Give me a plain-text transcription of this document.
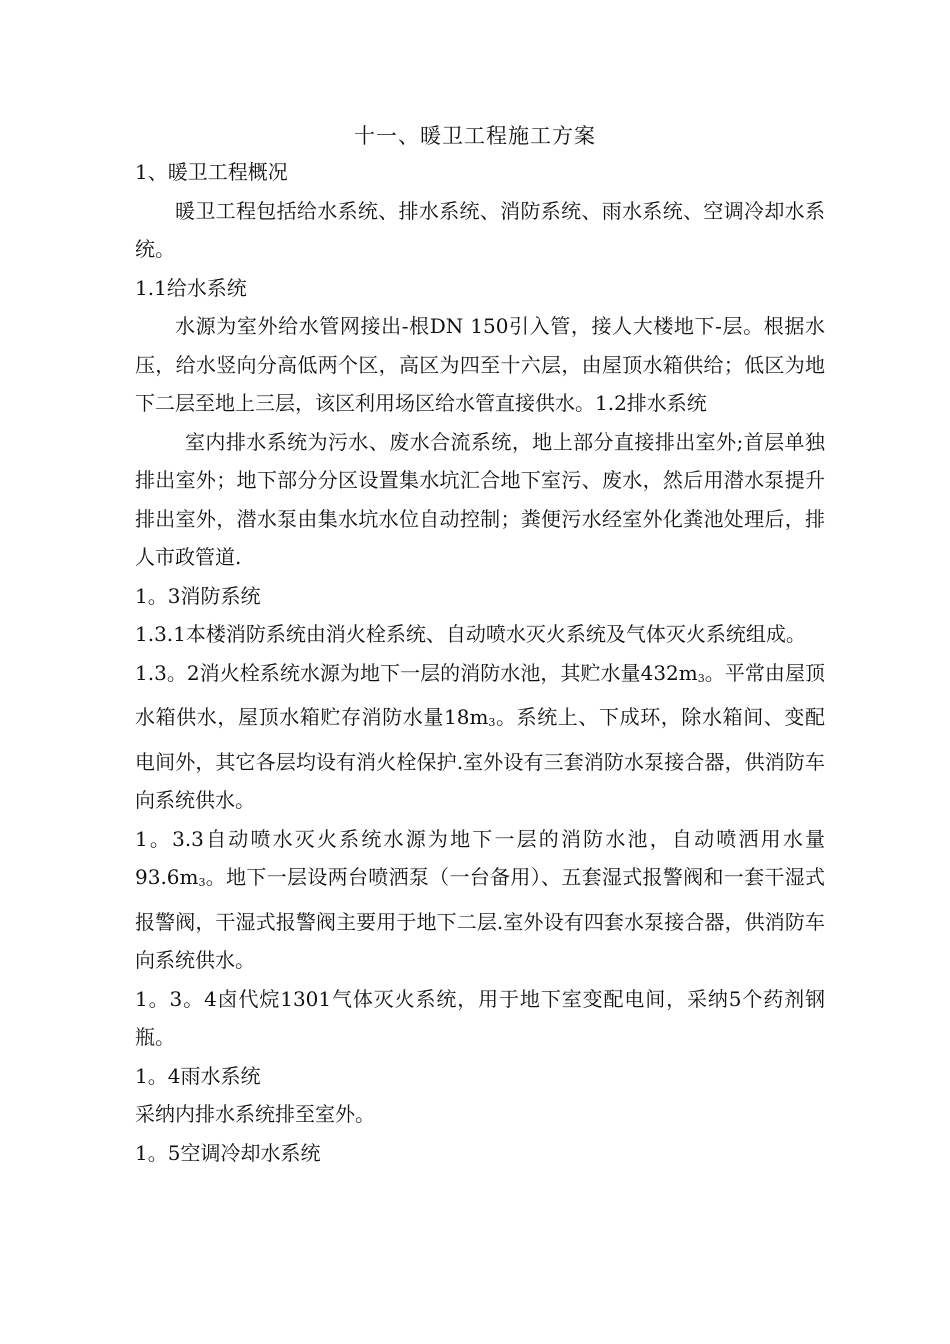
十一、暖卫工程施工方案

1、暖卫工程概况

暖卫工程包括给水系统、排水系统、消防系统、雨水系统、空调冷却水系统。

1.1给水系统

水源为室外给水管网接出-根DN 150引入管，接人大楼地下-层。根据水压，给水竖向分高低两个区，高区为四至十六层，由屋顶水箱供给；低区为地下二层至地上三层，该区利用场区给水管直接供水。1.2排水系统

室内排水系统为污水、废水合流系统，地上部分直接排出室外;首层单独排出室外；地下部分分区设置集水坑汇合地下室污、废水，然后用潜水泵提升排出室外，潜水泵由集水坑水位自动控制；粪便污水经室外化粪池处理后，排人市政管道.

1。3消防系统

1.3.1本楼消防系统由消火栓系统、自动喷水灭火系统及气体灭火系统组成。

1.3。2消火栓系统水源为地下一层的消防水池，其贮水量$432m_3$。平常由屋顶水箱供水，屋顶水箱贮存消防水量$18m_3$。系统上、下成环，除水箱间、变配电间外，其它各层均设有消火栓保护.室外设有三套消防水泵接合器，供消防车向系统供水。

1。3.3自动喷水灭火系统水源为地下一层的消防水池，自动喷洒用水量$93.6m_3$。地下一层设两台喷洒泵（一台备用）、五套湿式报警阀和一套干湿式报警阀，干湿式报警阀主要用于地下二层.室外设有四套水泵接合器，供消防车向系统供水。

1。3。4卤代烷1301气体灭火系统，用于地下室变配电间，采纳5个药剂钢瓶。

1。4雨水系统

采纳内排水系统排至室外。

1。5空调冷却水系统
